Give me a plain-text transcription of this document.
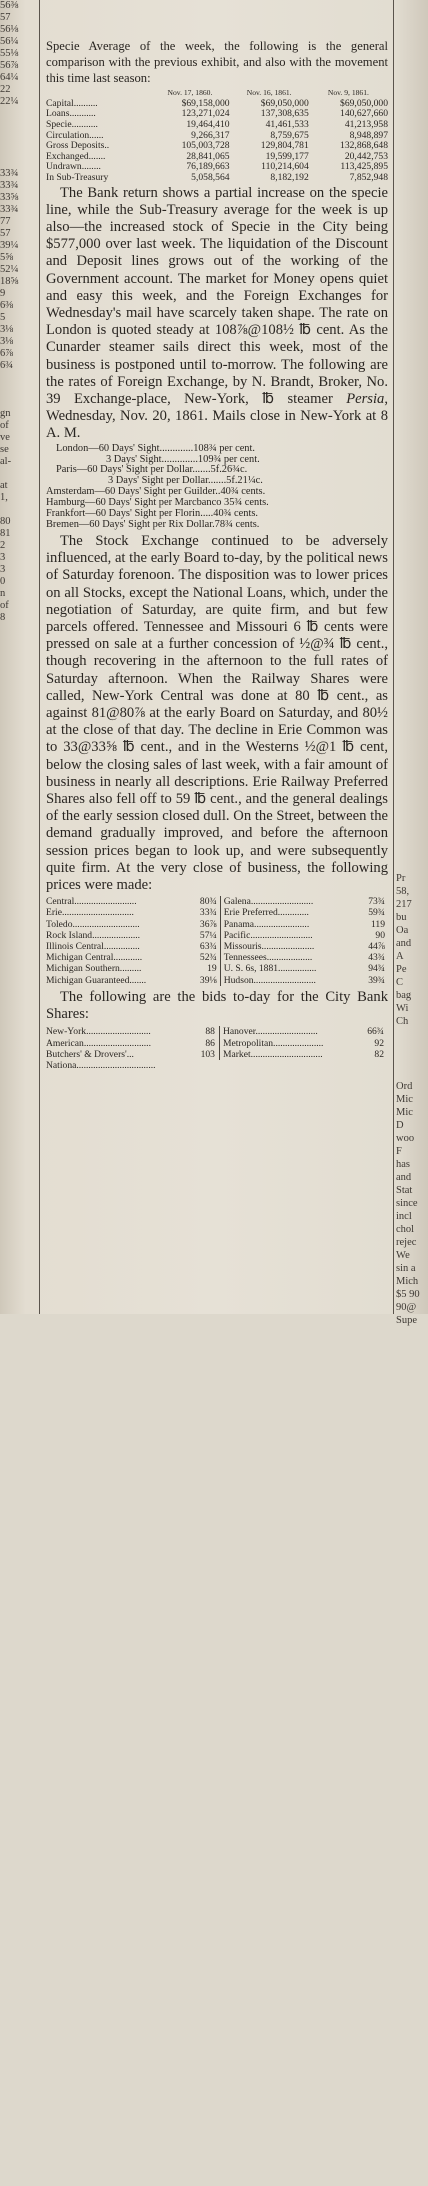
56⅜
57
56⅛
56¼
55⅛
56⅞
64¼
22
22¼
33¾
33¾
33⅝
33¾
77
57
39¼
5⅝
52¼
18⅝
9
6⅜
5
3⅛
3⅛
6⅞
6¾
gn
of
ve
se
al-
at
1,
80
81
2
3
3
0
n
of
8

Specie Average of the week, the following is the general comparison with the previous exhibit, and also with the movement this time last season:

	Nov. 17, 1860.	Nov. 16, 1861.	Nov. 9, 1861.
Capital..........	$69,158,000	$69,050,000	$69,050,000
Loans...........	123,271,024	137,308,635	140,627,660
Specie...........	19,464,410	41,461,533	41,213,958
Circulation......	9,266,317	8,759,675	8,948,897
Gross Deposits..	105,003,728	129,804,781	132,868,648
Exchanged.......	28,841,065	19,599,177	20,442,753
Undrawn........	76,189,663	110,214,604	113,425,895
In Sub-Treasury	5,058,564	8,182,192	7,852,948

The Bank return shows a partial increase on the specie line, while the Sub-Treasury average for the week is up also—the increased stock of Specie in the City being $577,000 over last week. The liquidation of the Discount and Deposit lines grows out of the working of the Government account. The market for Money opens quiet and easy this week, and the Foreign Exchanges for Wednesday's mail have scarcely taken shape. The rate on London is quoted steady at 108⅞@108½ ℔ cent. As the Cunarder steamer sails direct this week, most of the business is postponed until to-morrow. The following are the rates of Foreign Exchange, by N. Brandt, Broker, No. 39 Exchange-place, New-York, ℔ steamer Persia, Wednesday, Nov. 20, 1861. Mails close in New-York at 8 A. M.

London—60 Days' Sight.............108¾ per cent.
3 Days' Sight..............109¾ per cent.
Paris—60 Days' Sight per Dollar.......5f.26¾c.
3 Days' Sight per Dollar.......5f.21¼c.
Amsterdam—60 Days' Sight per Guilder..40¾ cents.
Hamburg—60 Days' Sight per Marcbanco 35¾ cents.
Frankfort—60 Days' Sight per Florin.....40¾ cents.
Bremen—60 Days' Sight per Rix Dollar.78¾ cents.

The Stock Exchange continued to be adversely influenced, at the early Board to-day, by the political news of Saturday forenoon. The disposition was to lower prices on all Stocks, except the National Loans, which, under the negotiation of Saturday, are quite firm, and but few parcels offered. Tennessee and Missouri 6 ℔ cents were pressed on sale at a further concession of ½@¾ ℔ cent., though recovering in the afternoon to the full rates of Saturday afternoon. When the Railway Shares were called, New-York Central was done at 80 ℔ cent., as against 81@80⅞ at the early Board on Saturday, and 80½ at the close of that day. The decline in Erie Common was to 33@33⅝ ℔ cent., and in the Westerns ½@1 ℔ cent, below the closing sales of last week, with a fair amount of business in nearly all descriptions. Erie Railway Preferred Shares also fell off to 59 ℔ cent., and the general dealings of the early session closed dull. On the Street, between the demand gradually improved, and before the afternoon session prices began to look up, and were subsequently quite firm. At the very close of business, the following prices were made:

Central..........................	80¾	Galena..........................	73¾
Erie..............................	33¾	Erie Preferred.............	59¾
Toledo............................	36⅞	Panama.......................	119
Rock Island....................	57¼	Pacific..........................	90
Illinois Central...............	63¾	Missouris......................	44⅞
Michigan Central............	52¾	Tennessees...................	43¾
Michigan Southern.........	19	U. S. 6s, 1881................	94¾
Michigan Guaranteed.......	39⅛	Hudson..........................	39¾

The following are the bids to-day for the City Bank Shares:

New-York...........................	88	Hanover..........................	66¾
American............................	86	Metropolitan.....................	92
Butchers' & Drovers'...	103	Market..............................	82
Nationa.................................			
Pr
58,
217
bu
Oa
and
A
Pe
C
bag
Wi
Ch
Ord
Mic
Mic
D
woo
F
has
and
Stat
since
incl
chol
rejec
We
sin a
Mich
$5 90
90@
Supe
